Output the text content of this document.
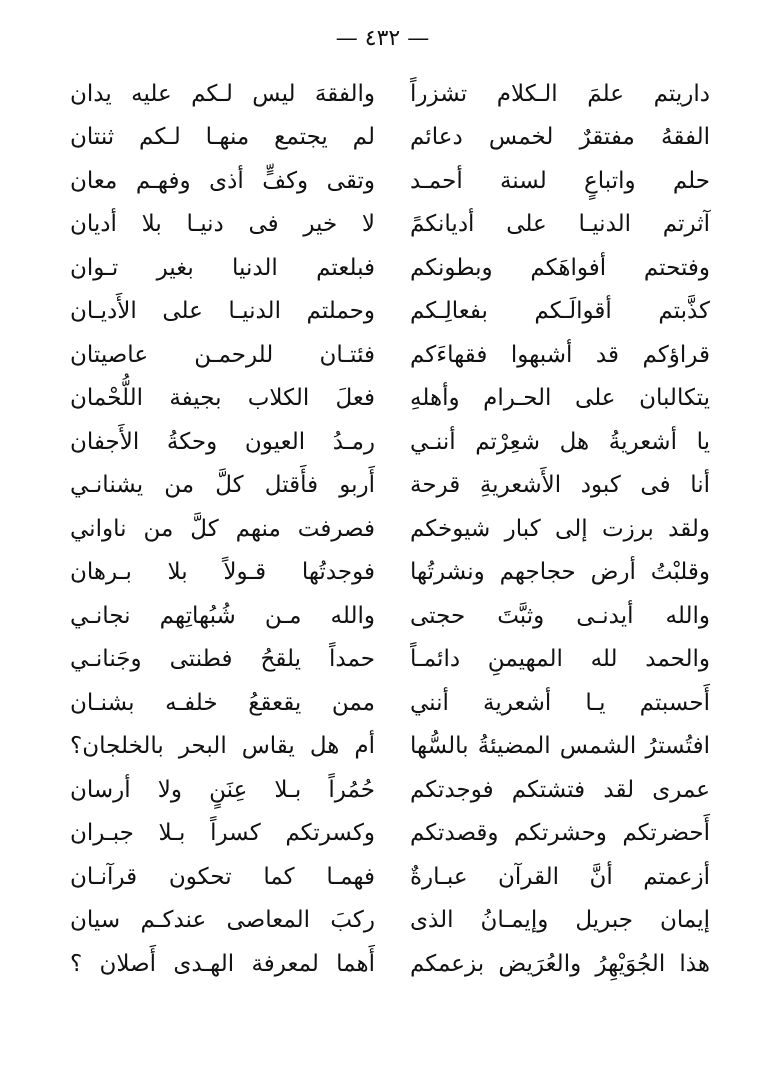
— ٤٣٢ —
داريتم علمَ الـكلام تشزراً
والفقهَ ليس لـكم عليه يدان
الفقهُ مفتقرٌ لخمس دعائم
لم يجتمع منهـا لـكم ثنتان
حلم واتباعٍ لسنة أحمـد
وتقى وكفٍّ أذى وفهـم معان
آثرتم الدنيـا على أديانكمً
لا خير فى دنيـا بلا أديان
وفتحتم أفواهَكم وبطونكم
فبلعتم الدنيا بغير تـوان
كذَّبتم أقوالَـكم بفعالِـكم
وحملتم الدنيـا على الأَديـان
قراؤكم قد أشبهوا فقهاءَكم
فئتـان للرحمـن عاصيتان
يتكالبان على الحـرام وأهلهِ
فعلَ الكلاب بجيفة اللُّحْمان
يا أشعريةُ هل شعِرْتم أننـي
رمـدُ العيون وحكةُ الأَجفان
أنا فى كبود الأَشعريةِ قرحة
أَربو فأَقتل كلَّ من يشنانـي
ولقد برزت إلى كبار شيوخكم
فصرفت منهم كلَّ من ناواني
وقلبْتُ أرض حجاجهم ونشرتُها
فوجدتُها قـولاً بلا بـرهان
والله أيدنـى وثبَّتَ حجتى
والله مـن شُبُهاتِهم نجانـي
والحمد لله المهيمنِ دائمـاً
حمداً يلقحُ فطنتى وجَنانـي
أَحسبتم يـا أشعرية أنني
ممن يقعقعُ خلفـه بشنـان
افتُسترُ الشمس المضيئةُ بالسُّها
أم هل يقاس البحر بالخلجان؟
عمرى لقد فتشتكم فوجدتكم
حُمُراً بـلا عِنَنٍ ولا أرسان
أَحضرتكم وحشرتكم وقصدتكم
وكسرتكم كسراً بـلا جبـران
أزعمتم أنَّ القرآن عبـارةٌ
فهمـا كما تحكون قرآنـان
إيمان جبريل وإيمـانُ الذى
ركبَ المعاصى عندكـم سيان
هذا الجُوَيْهِرُ والعُرَيض بزعمكم
أَهما لمعرفة الهـدى أَصلان ؟
